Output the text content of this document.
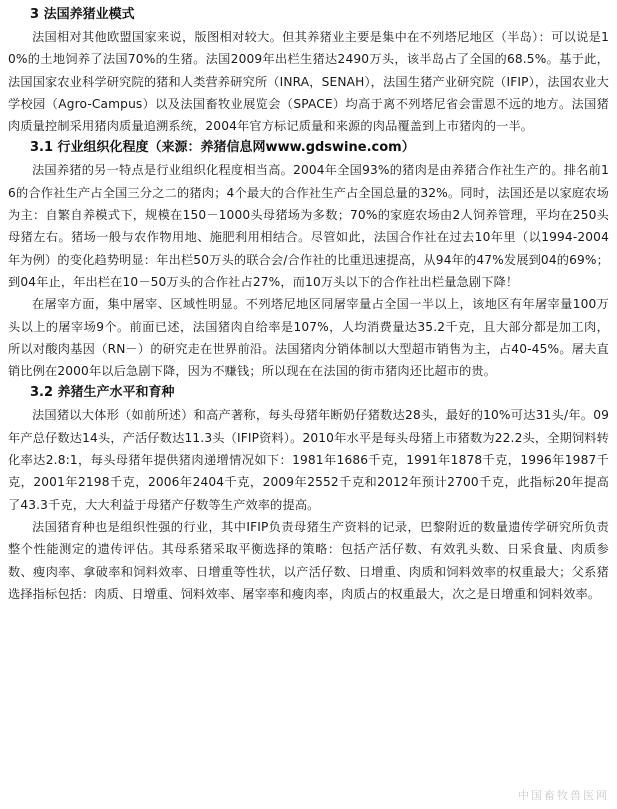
3 法国养猪业模式

法国相对其他欧盟国家来说，版图相对较大。但其养猪业主要是集中在不列塔尼地区（半岛）：可以说是10%的土地饲养了法国70%的生猪。法国2009年出栏生猪达2490万头，该半岛占了全国的68.5%。基于此，法国国家农业科学研究院的猪和人类营养研究所（INRA，SENAH），法国生猪产业研究院（IFIP），法国农业大学校园（Agro-Campus）以及法国畜牧业展览会（SPACE）均高于离不列塔尼省会雷恩不远的地方。法国猪肉质量控制采用猪肉质量追溯系统，2004年官方标记质量和来源的肉品覆盖到上市猪肉的一半。

3.1 行业组织化程度（来源：养猪信息网www.gdswine.com）

法国养猪的另一特点是行业组织化程度相当高。2004年全国93%的猪肉是由养猪合作社生产的。排名前16的合作社生产占全国三分之二的猪肉；4个最大的合作社生产占全国总量的32%。同时，法国还是以家庭农场为主：自繁自养模式下，规模在150－1000头母猪场为多数；70%的家庭农场由2人饲养管理，平均在250头母猪左右。猪场一般与农作物用地、施肥利用相结合。尽管如此，法国合作社在过去10年里（以1994-2004年为例）的变化趋势明显：年出栏50万头的联合会/合作社的比重迅速提高，从94年的47%发展到04的69%；到04年止，年出栏在10－50万头的合作社占27%，而10万头以下的合作社出栏量急剧下降！

在屠宰方面，集中屠宰、区域性明显。不列塔尼地区同屠宰量占全国一半以上，该地区有年屠宰量100万头以上的屠宰场9个。前面已述，法国猪肉自给率是107%，人均消费量达35.2千克，且大部分都是加工肉，所以对酸肉基因（RN－）的研究走在世界前沿。法国猪肉分销体制以大型超市销售为主，占40-45%。屠夫直销比例在2000年以后急剧下降，因为不赚钱；所以现在在法国的街市猪肉还比超市的贵。

3.2 养猪生产水平和育种

法国猪以大体形（如前所述）和高产著称，每头母猪年断奶仔猪数达28头，最好的10%可达31头/年。09年产总仔数达14头，产活仔数达11.3头（IFIP资料）。2010年水平是每头母猪上市猪数为22.2头，全期饲料转化率达2.8:1，每头母猪年提供猪肉递增情况如下：1981年1686千克，1991年1878千克，1996年1987千克，2001年2198千克，2006年2404千克，2009年2552千克和2012年预计2700千克，此指标20年提高了43.3千克，大大利益于母猪产仔数等生产效率的提高。

法国猪育种也是组织性强的行业，其中IFIP负责母猪生产资料的记录，巴黎附近的数量遗传学研究所负责整个性能测定的遗传评估。其母系猪采取平衡选择的策略：包括产活仔数、有效乳头数、日采食量、肉质参数、瘦肉率、拿破率和饲料效率、日增重等性状，以产活仔数、日增重、肉质和饲料效率的权重最大；父系猪选择指标包括：肉质、日增重、饲料效率、屠宰率和瘦肉率，肉质占的权重最大，次之是日增重和饲料效率。

中国畜牧兽医网
